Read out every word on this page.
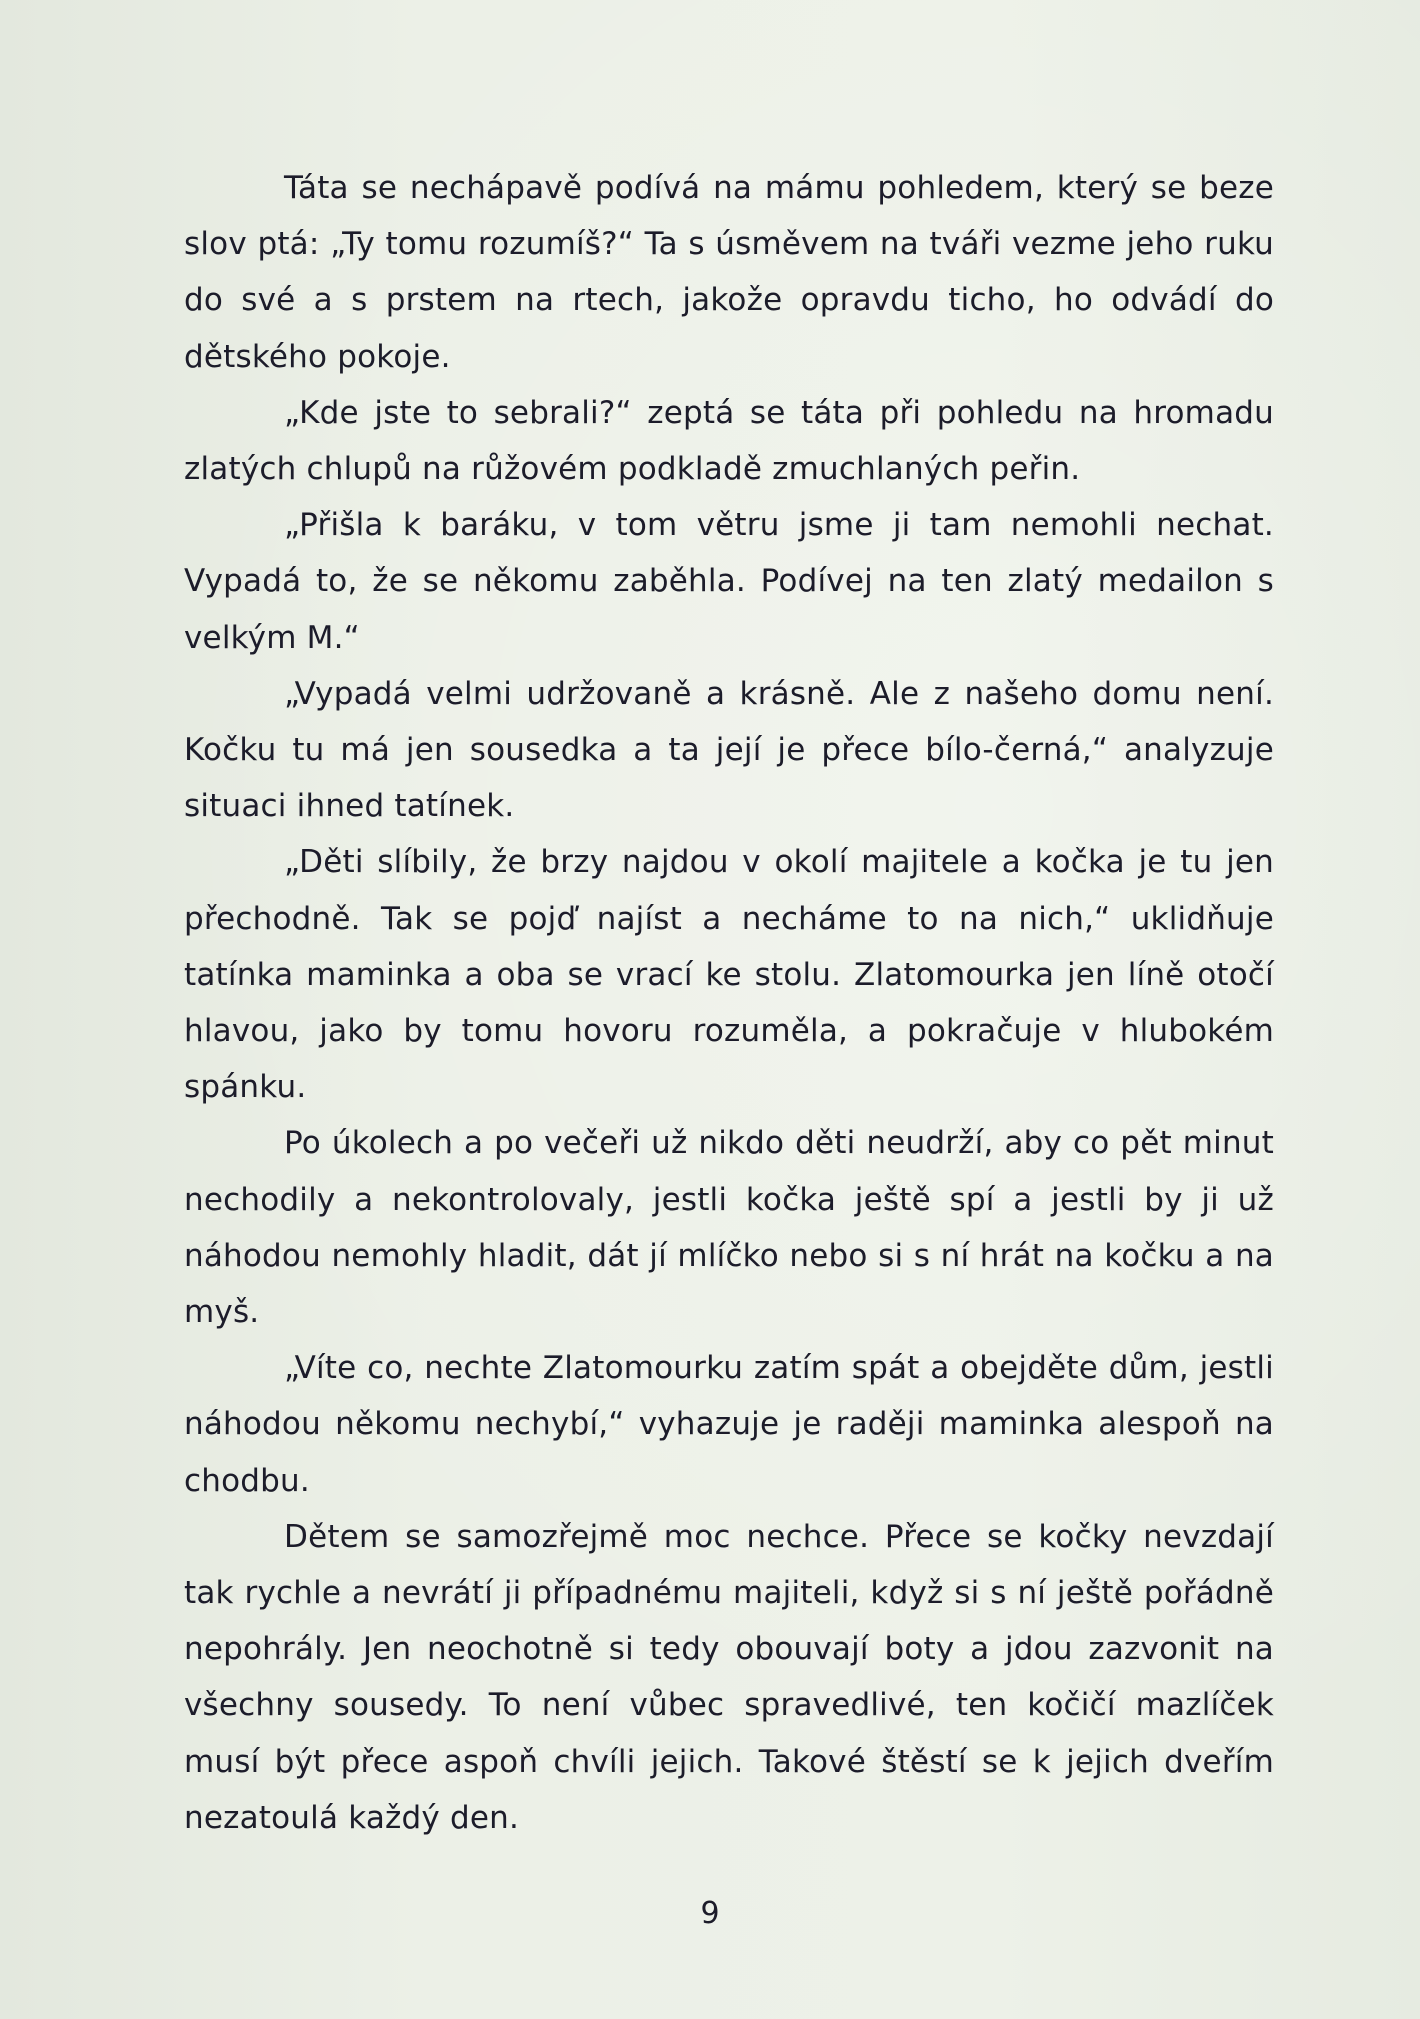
Táta se nechápavě podívá na mámu pohledem, který se beze slov ptá: „Ty tomu rozumíš?“ Ta s úsměvem na tváři vezme jeho ruku do své a s prstem na rtech, jakože opravdu ticho, ho odvádí do dětského pokoje.

„Kde jste to sebrali?“ zeptá se táta při pohledu na hromadu zlatých chlupů na růžovém podkladě zmuchlaných peřin.

„Přišla k baráku, v tom větru jsme ji tam nemohli nechat. Vypadá to, že se někomu zaběhla. Podívej na ten zlatý medailon s velkým M.“

„Vypadá velmi udržovaně a krásně. Ale z našeho domu není. Kočku tu má jen sousedka a ta její je přece bílo-černá,“ analyzuje situaci ihned tatínek.

„Děti slíbily, že brzy najdou v okolí majitele a kočka je tu jen přechodně. Tak se pojď najíst a necháme to na nich,“ uklidňuje tatínka maminka a oba se vrací ke stolu. Zlatomourka jen líně otočí hlavou, jako by tomu hovoru rozuměla, a pokračuje v hlubokém spánku.

Po úkolech a po večeři už nikdo děti neudrží, aby co pět minut nechodily a nekontrolovaly, jestli kočka ještě spí a jestli by ji už náhodou nemohly hladit, dát jí mlíčko nebo si s ní hrát na kočku a na myš.

„Víte co, nechte Zlatomourku zatím spát a obejděte dům, jestli náhodou někomu nechybí,“ vyhazuje je raději maminka alespoň na chodbu.

Dětem se samozřejmě moc nechce. Přece se kočky nevzdají tak rychle a nevrátí ji případnému majiteli, když si s ní ještě pořádně nepohrály. Jen neochotně si tedy obouvají boty a jdou zazvonit na všechny sousedy. To není vůbec spravedlivé, ten kočičí mazlíček musí být přece aspoň chvíli jejich. Takové štěstí se k jejich dveřím nezatoulá každý den.

9
